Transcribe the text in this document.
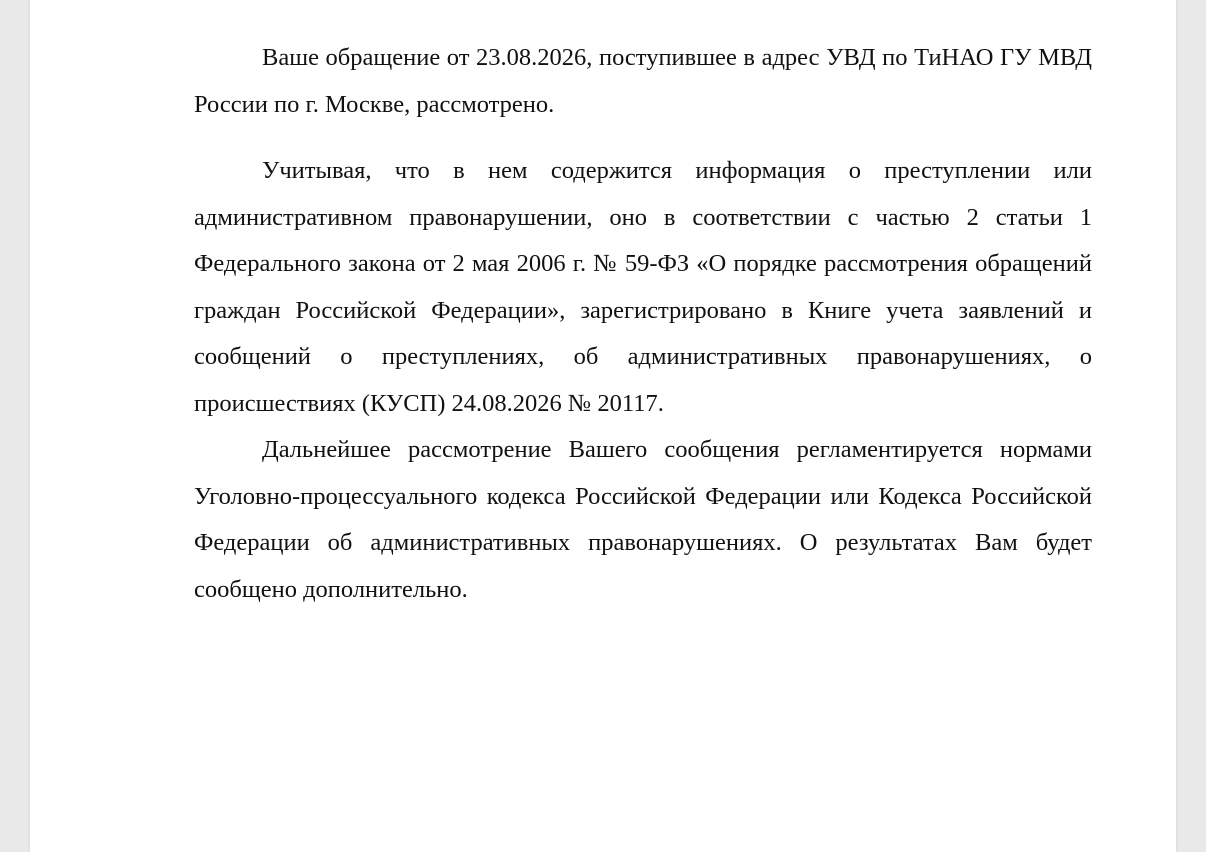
Ваше обращение от 23.08.2026, поступившее в адрес УВД по ТиНАО ГУ МВД России по г. Москве, рассмотрено.

Учитывая, что в нем содержится информация о преступлении или административном правонарушении, оно в соответствии с частью 2 статьи 1 Федерального закона от 2 мая 2006 г. № 59-ФЗ «О порядке рассмотрения обращений граждан Российской Федерации», зарегистрировано в Книге учета заявлений и сообщений о преступлениях, об административных правонарушениях, о происшествиях (КУСП) 24.08.2026 № 20117.

Дальнейшее рассмотрение Вашего сообщения регламентируется нормами Уголовно-процессуального кодекса Российской Федерации или Кодекса Российской Федерации об административных правонарушениях. О результатах Вам будет сообщено дополнительно.
